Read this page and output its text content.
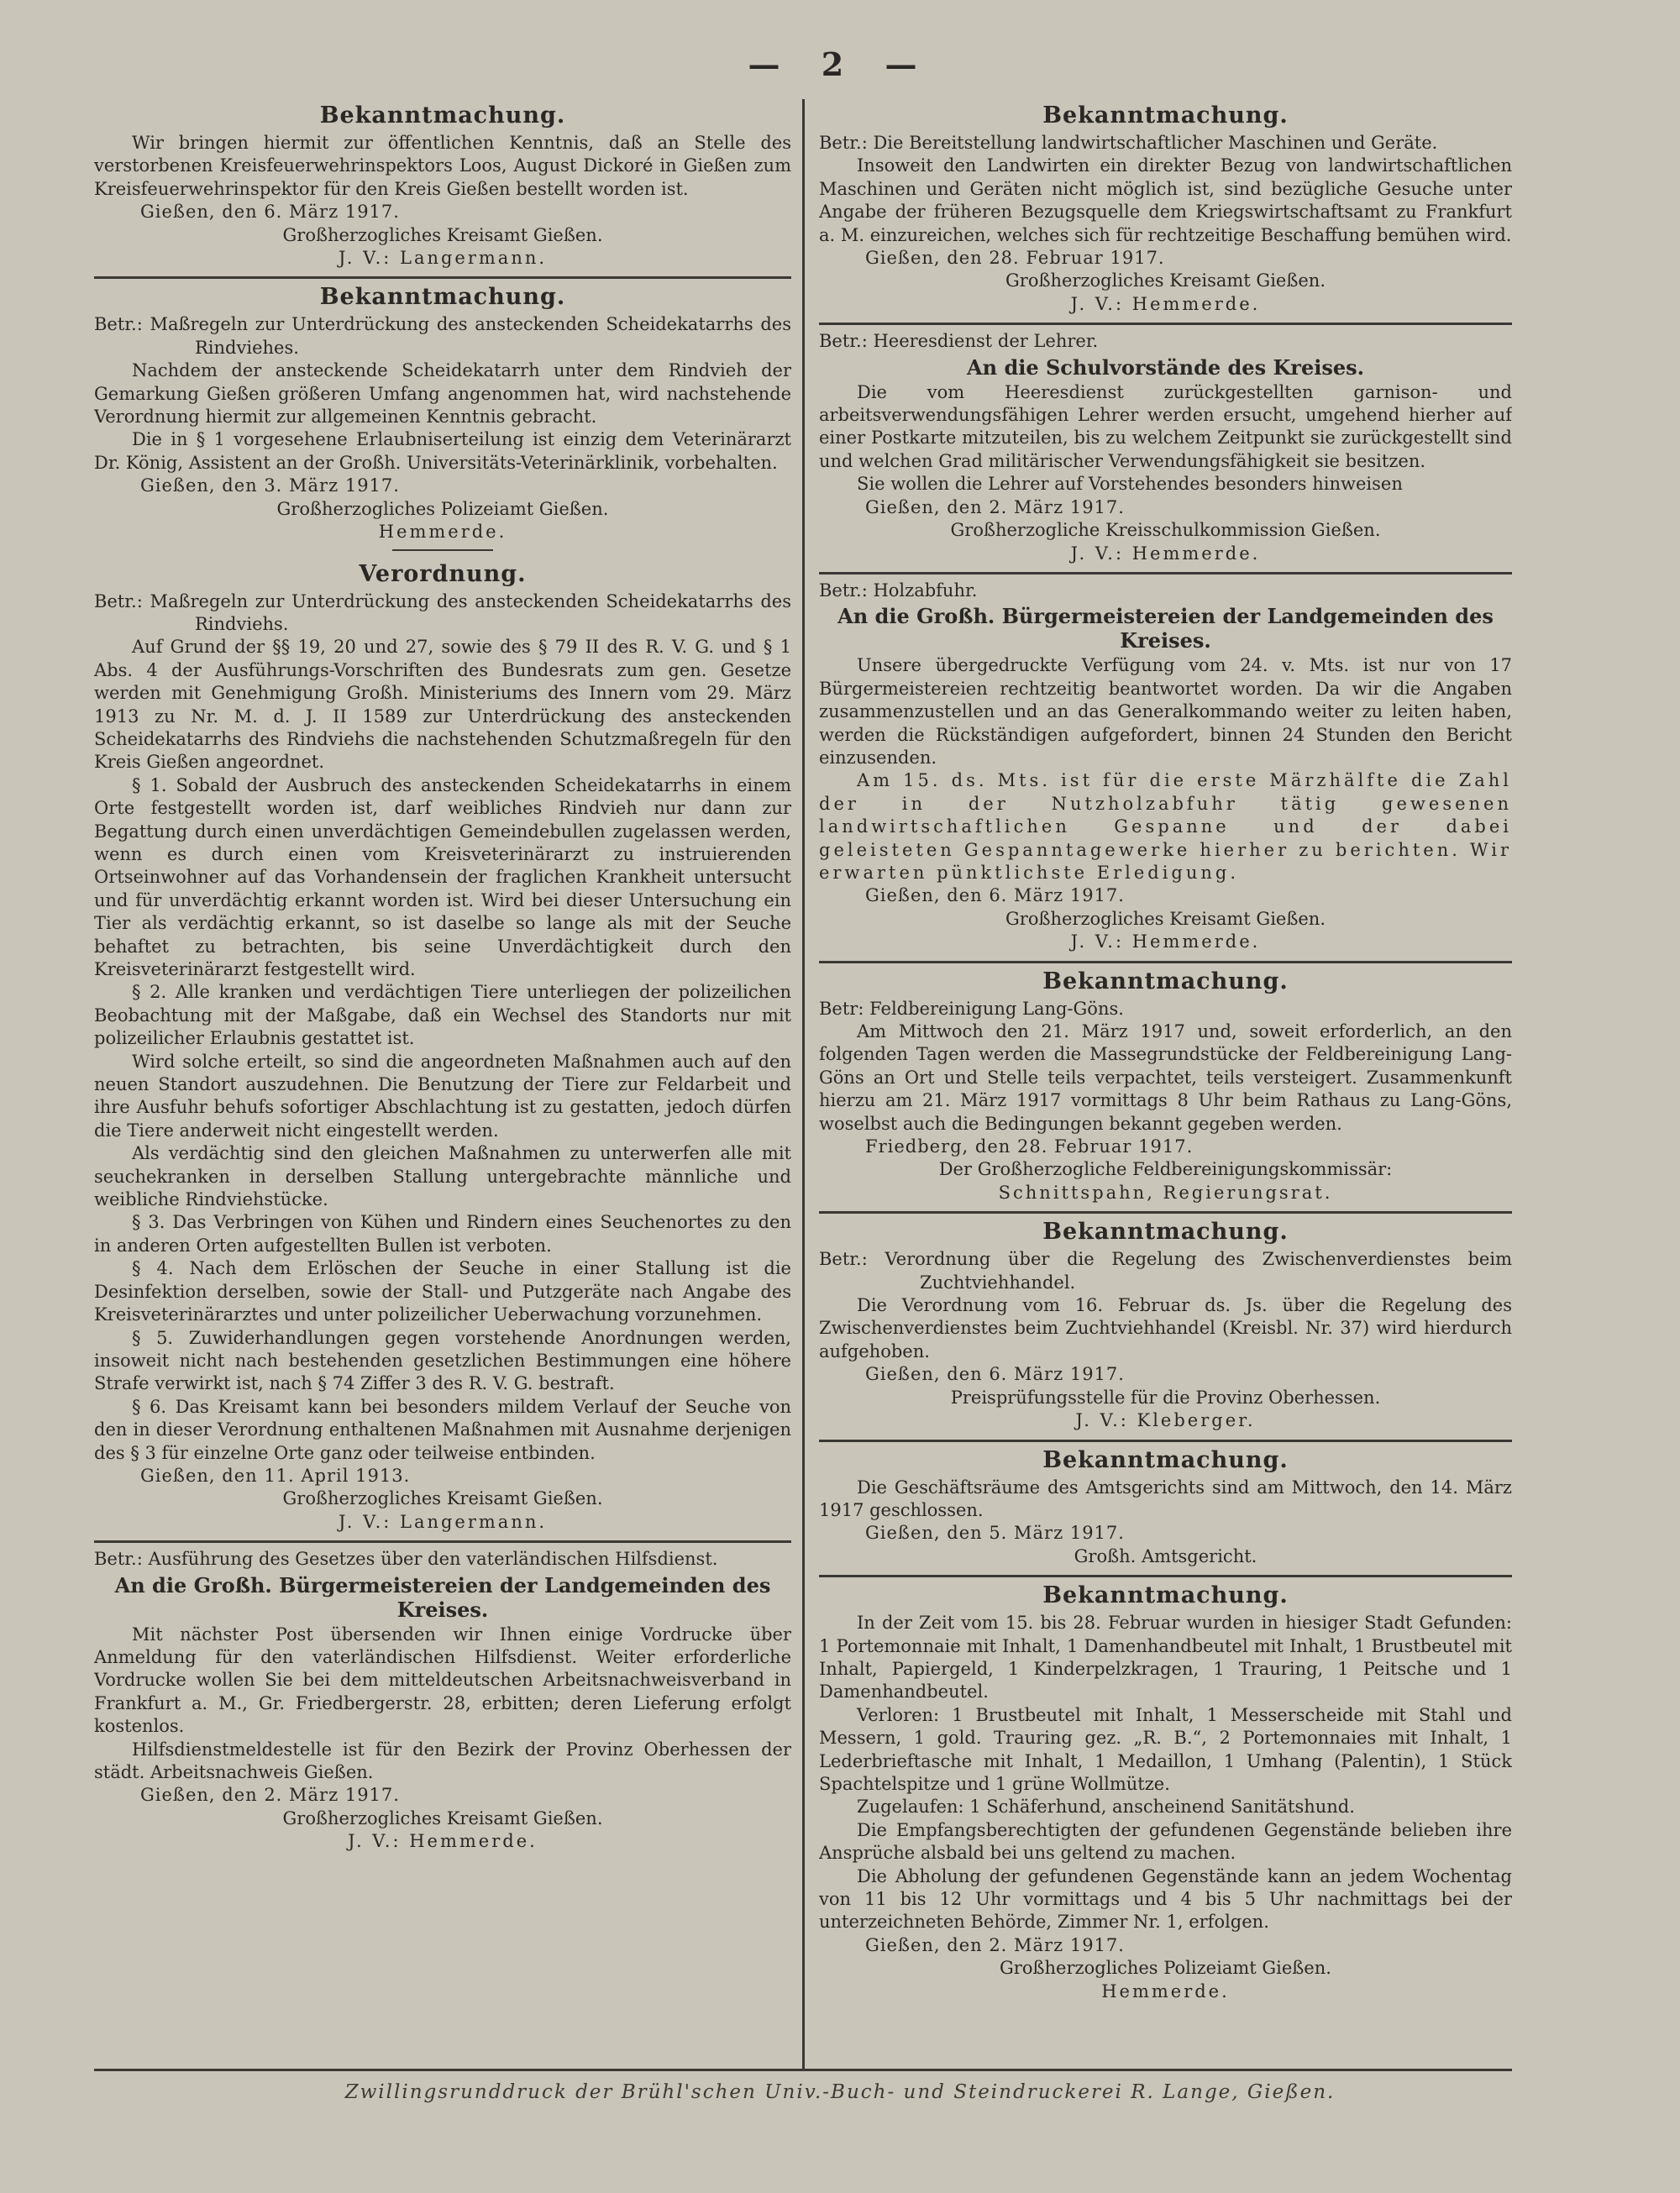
— 2 —
Bekanntmachung.

Wir bringen hiermit zur öffentlichen Kenntnis, daß an Stelle des verstorbenen Kreisfeuerwehrinspektors Loos, August Dickoré in Gießen zum Kreisfeuerwehrinspektor für den Kreis Gießen bestellt worden ist.

Gießen, den 6. März 1917.
Großherzogliches Kreisamt Gießen.
J. V.: Langermann.
Bekanntmachung.

Betr.: Maßregeln zur Unterdrückung des ansteckenden Scheidekatarrhs des Rindviehes.

Nachdem der ansteckende Scheidekatarrh unter dem Rindvieh der Gemarkung Gießen größeren Umfang angenommen hat, wird nachstehende Verordnung hiermit zur allgemeinen Kenntnis gebracht.

Die in § 1 vorgesehene Erlaubniserteilung ist einzig dem Veterinärarzt Dr. König, Assistent an der Großh. Universitäts-Veterinärklinik, vorbehalten.

Gießen, den 3. März 1917.
Großherzogliches Polizeiamt Gießen.
Hemmerde.
Verordnung.

Betr.: Maßregeln zur Unterdrückung des ansteckenden Scheidekatarrhs des Rindviehs.

Auf Grund der §§ 19, 20 und 27, sowie des § 79 II des R. V. G. und § 1 Abs. 4 der Ausführungs-Vorschriften des Bundesrats zum gen. Gesetze werden mit Genehmigung Großh. Ministeriums des Innern vom 29. März 1913 zu Nr. M. d. J. II 1589 zur Unterdrückung des ansteckenden Scheidekatarrhs des Rindviehs die nachstehenden Schutzmaßregeln für den Kreis Gießen angeordnet.

§ 1. Sobald der Ausbruch des ansteckenden Scheidekatarrhs in einem Orte festgestellt worden ist, darf weibliches Rindvieh nur dann zur Begattung durch einen unverdächtigen Gemeindebullen zugelassen werden, wenn es durch einen vom Kreisveterinärarzt zu instruierenden Ortseinwohner auf das Vorhandensein der fraglichen Krankheit untersucht und für unverdächtig erkannt worden ist. Wird bei dieser Untersuchung ein Tier als verdächtig erkannt, so ist daselbe so lange als mit der Seuche behaftet zu betrachten, bis seine Unverdächtigkeit durch den Kreisveterinärarzt festgestellt wird.

§ 2. Alle kranken und verdächtigen Tiere unterliegen der polizeilichen Beobachtung mit der Maßgabe, daß ein Wechsel des Standorts nur mit polizeilicher Erlaubnis gestattet ist.

Wird solche erteilt, so sind die angeordneten Maßnahmen auch auf den neuen Standort auszudehnen. Die Benutzung der Tiere zur Feldarbeit und ihre Ausfuhr behufs sofortiger Abschlachtung ist zu gestatten, jedoch dürfen die Tiere anderweit nicht eingestellt werden.

Als verdächtig sind den gleichen Maßnahmen zu unterwerfen alle mit seuchekranken in derselben Stallung untergebrachte männliche und weibliche Rindviehstücke.

§ 3. Das Verbringen von Kühen und Rindern eines Seuchenortes zu den in anderen Orten aufgestellten Bullen ist verboten.

§ 4. Nach dem Erlöschen der Seuche in einer Stallung ist die Desinfektion derselben, sowie der Stall- und Putzgeräte nach Angabe des Kreisveterinärarztes und unter polizeilicher Ueberwachung vorzunehmen.

§ 5. Zuwiderhandlungen gegen vorstehende Anordnungen werden, insoweit nicht nach bestehenden gesetzlichen Bestimmungen eine höhere Strafe verwirkt ist, nach § 74 Ziffer 3 des R. V. G. bestraft.

§ 6. Das Kreisamt kann bei besonders mildem Verlauf der Seuche von den in dieser Verordnung enthaltenen Maßnahmen mit Ausnahme derjenigen des § 3 für einzelne Orte ganz oder teilweise entbinden.

Gießen, den 11. April 1913.
Großherzogliches Kreisamt Gießen.
J. V.: Langermann.

Betr.: Ausführung des Gesetzes über den vaterländischen Hilfsdienst.

An die Großh. Bürgermeistereien der Landgemeinden des Kreises.

Mit nächster Post übersenden wir Ihnen einige Vordrucke über Anmeldung für den vaterländischen Hilfsdienst. Weiter erforderliche Vordrucke wollen Sie bei dem mitteldeutschen Arbeitsnachweisverband in Frankfurt a. M., Gr. Friedbergerstr. 28, erbitten; deren Lieferung erfolgt kostenlos.

Hilfsdienstmeldestelle ist für den Bezirk der Provinz Oberhessen der städt. Arbeitsnachweis Gießen.

Gießen, den 2. März 1917.
Großherzogliches Kreisamt Gießen.
J. V.: Hemmerde.
Bekanntmachung.

Betr.: Die Bereitstellung landwirtschaftlicher Maschinen und Geräte.

Insoweit den Landwirten ein direkter Bezug von landwirtschaftlichen Maschinen und Geräten nicht möglich ist, sind bezügliche Gesuche unter Angabe der früheren Bezugsquelle dem Kriegswirtschaftsamt zu Frankfurt a. M. einzureichen, welches sich für rechtzeitige Beschaffung bemühen wird.

Gießen, den 28. Februar 1917.
Großherzogliches Kreisamt Gießen.
J. V.: Hemmerde.

Betr.: Heeresdienst der Lehrer.

An die Schulvorstände des Kreises.

Die vom Heeresdienst zurückgestellten garnison- und arbeitsverwendungsfähigen Lehrer werden ersucht, umgehend hierher auf einer Postkarte mitzuteilen, bis zu welchem Zeitpunkt sie zurückgestellt sind und welchen Grad militärischer Verwendungsfähigkeit sie besitzen.

Sie wollen die Lehrer auf Vorstehendes besonders hinweisen

Gießen, den 2. März 1917.
Großherzogliche Kreisschulkommission Gießen.
J. V.: Hemmerde.

Betr.: Holzabfuhr.

An die Großh. Bürgermeistereien der Landgemeinden des Kreises.

Unsere übergedruckte Verfügung vom 24. v. Mts. ist nur von 17 Bürgermeistereien rechtzeitig beantwortet worden. Da wir die Angaben zusammenzustellen und an das Generalkommando weiter zu leiten haben, werden die Rückständigen aufgefordert, binnen 24 Stunden den Bericht einzusenden.

Am 15. ds. Mts. ist für die erste Märzhälfte die Zahl der in der Nutzholzabfuhr tätig gewesenen landwirtschaftlichen Gespanne und der dabei geleisteten Gespanntagewerke hierher zu berichten. Wir erwarten pünktlichste Erledigung.

Gießen, den 6. März 1917.
Großherzogliches Kreisamt Gießen.
J. V.: Hemmerde.
Bekanntmachung.

Betr: Feldbereinigung Lang-Göns.

Am Mittwoch den 21. März 1917 und, soweit erforderlich, an den folgenden Tagen werden die Massegrundstücke der Feldbereinigung Lang-Göns an Ort und Stelle teils verpachtet, teils versteigert. Zusammenkunft hierzu am 21. März 1917 vormittags 8 Uhr beim Rathaus zu Lang-Göns, woselbst auch die Bedingungen bekannt gegeben werden.

Friedberg, den 28. Februar 1917.
Der Großherzogliche Feldbereinigungskommissär:
Schnittspahn, Regierungsrat.
Bekanntmachung.

Betr.: Verordnung über die Regelung des Zwischenverdienstes beim Zuchtviehhandel.

Die Verordnung vom 16. Februar ds. Js. über die Regelung des Zwischenverdienstes beim Zuchtviehhandel (Kreisbl. Nr. 37) wird hierdurch aufgehoben.

Gießen, den 6. März 1917.
Preisprüfungsstelle für die Provinz Oberhessen.
J. V.: Kleberger.
Bekanntmachung.

Die Geschäftsräume des Amtsgerichts sind am Mittwoch, den 14. März 1917 geschlossen.

Gießen, den 5. März 1917.
Großh. Amtsgericht.
Bekanntmachung.

In der Zeit vom 15. bis 28. Februar wurden in hiesiger Stadt Gefunden: 1 Portemonnaie mit Inhalt, 1 Damenhandbeutel mit Inhalt, 1 Brustbeutel mit Inhalt, Papiergeld, 1 Kinderpelzkragen, 1 Trauring, 1 Peitsche und 1 Damenhandbeutel.

Verloren: 1 Brustbeutel mit Inhalt, 1 Messerscheide mit Stahl und Messern, 1 gold. Trauring gez. „R. B.“, 2 Portemonnaies mit Inhalt, 1 Lederbrieftasche mit Inhalt, 1 Medaillon, 1 Umhang (Palentin), 1 Stück Spachtelspitze und 1 grüne Wollmütze.

Zugelaufen: 1 Schäferhund, anscheinend Sanitätshund.

Die Empfangsberechtigten der gefundenen Gegenstände belieben ihre Ansprüche alsbald bei uns geltend zu machen.

Die Abholung der gefundenen Gegenstände kann an jedem Wochentag von 11 bis 12 Uhr vormittags und 4 bis 5 Uhr nachmittags bei der unterzeichneten Behörde, Zimmer Nr. 1, erfolgen.

Gießen, den 2. März 1917.
Großherzogliches Polizeiamt Gießen.
Hemmerde.
Zwillingsrunddruck der Brühl'schen Univ.-Buch- und Steindruckerei R. Lange, Gießen.
